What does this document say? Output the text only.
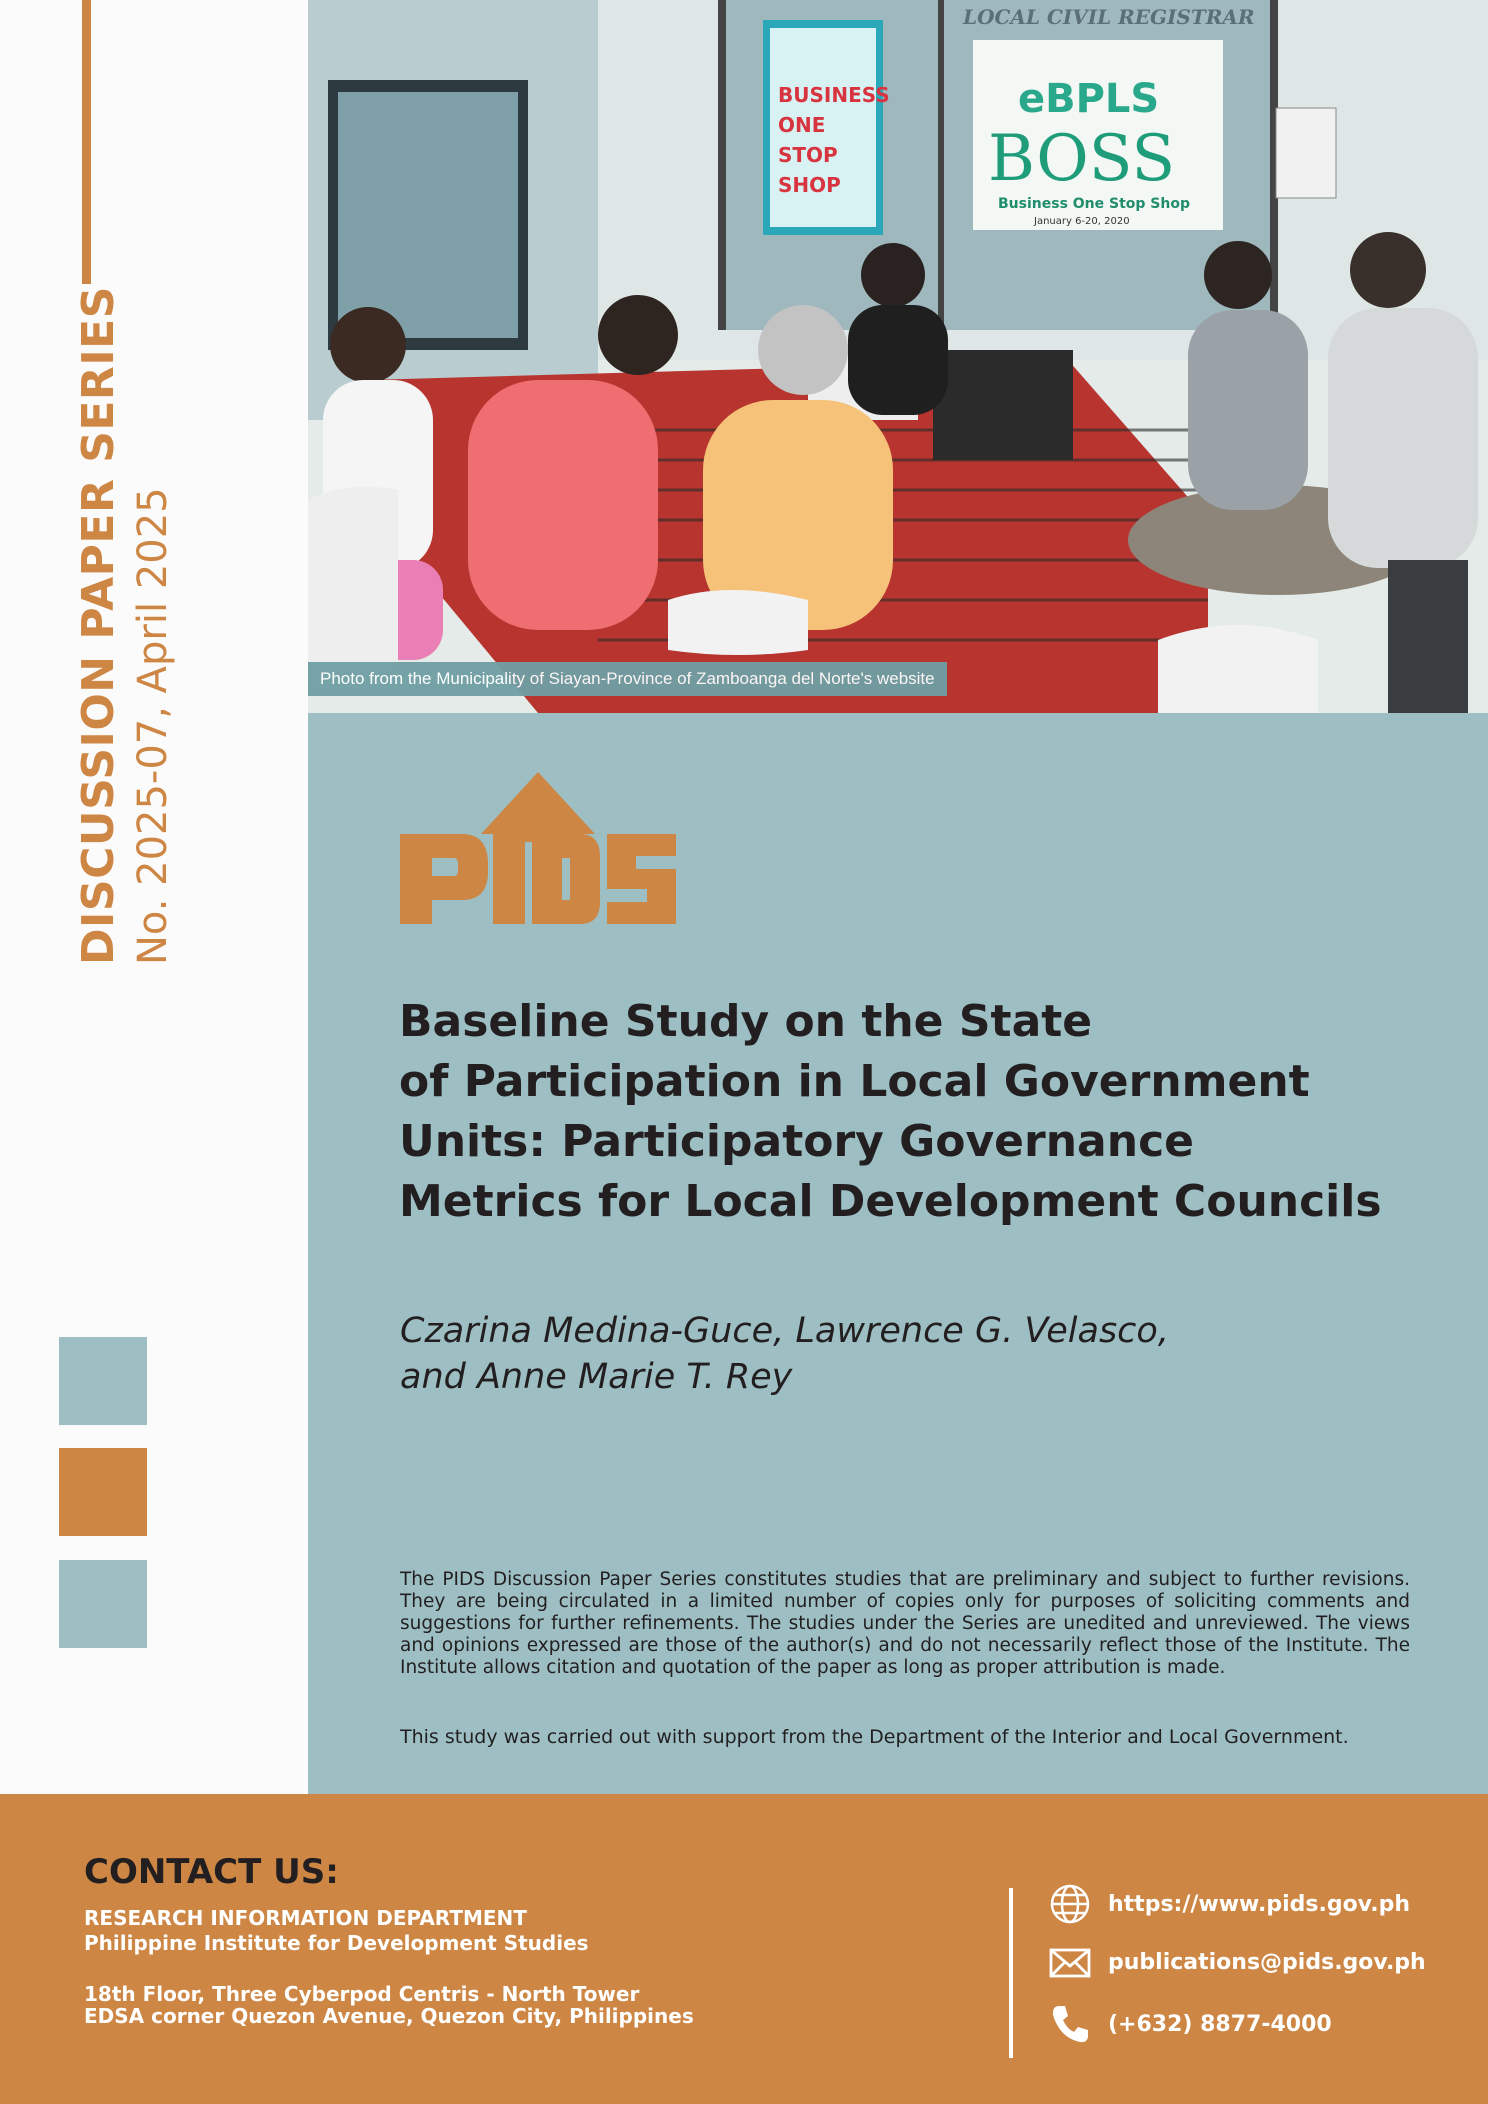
DISCUSSION PAPER SERIES No. 2025-07, April 2025
BUSINESS
ONE
STOP
SHOP
LOCAL CIVIL REGISTRAR
eBPLS
BOSS
Business One Stop Shop
January 6-20, 2020
Photo from the Municipality of Siayan-Province of Zamboanga del Norte's website
Baseline Study on the State
of Participation in Local Government
Units: Participatory Governance
Metrics for Local Development Councils
Czarina Medina-Guce, Lawrence G. Velasco,
and Anne Marie T. Rey

The PIDS Discussion Paper Series constitutes studies that are preliminary and subject to further revisions. They are being circulated in a limited number of copies only for purposes of soliciting comments and suggestions for further refinements. The studies under the Series are unedited and unreviewed. The views and opinions expressed are those of the author(s) and do not necessarily reflect those of the Institute. The Institute allows citation and quotation of the paper as long as proper attribution is made.

This study was carried out with support from the Department of the Interior and Local Government.
CONTACT US:
RESEARCH INFORMATION DEPARTMENT
Philippine Institute for Development Studies
18th Floor, Three Cyberpod Centris - North Tower
EDSA corner Quezon Avenue, Quezon City, Philippines
https://www.pids.gov.ph
publications@pids.gov.ph
(+632) 8877-4000
